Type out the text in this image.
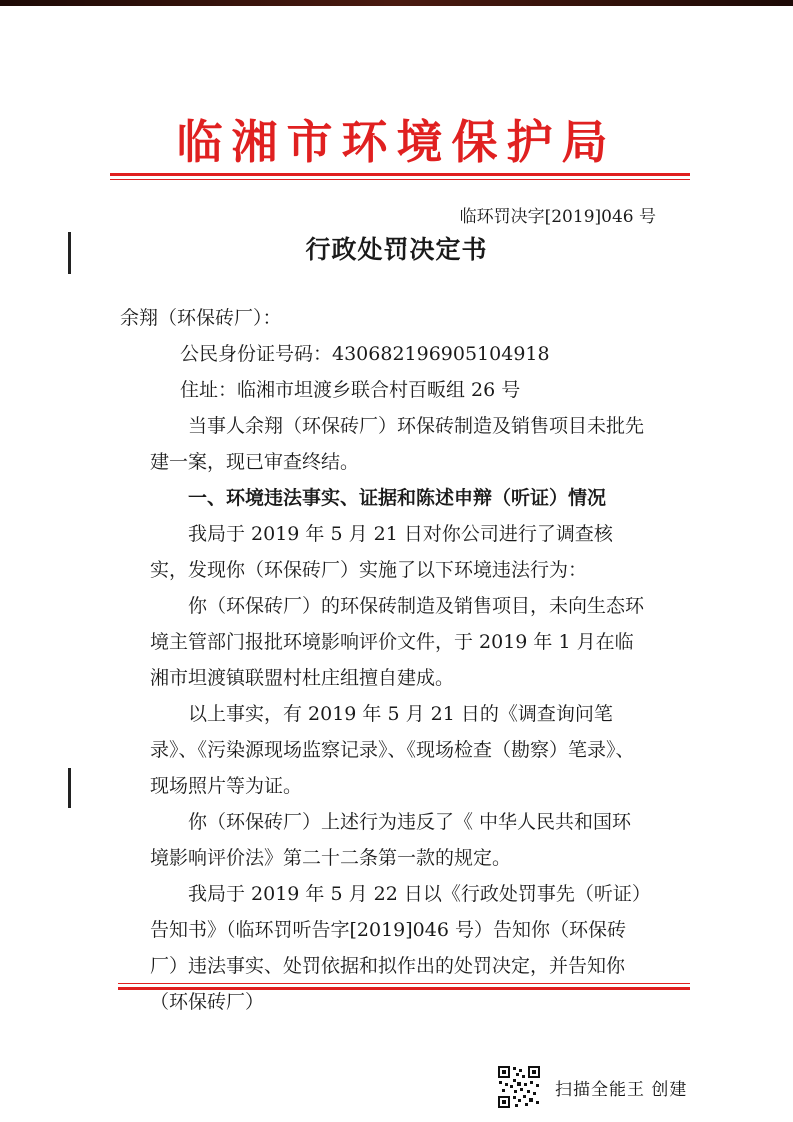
临湘市环境保护局
临环罚决字[2019]046 号
行政处罚决定书

余翔（环保砖厂）：

公民身份证号码：430682196905104918

住址：临湘市坦渡乡联合村百畈组 26 号

当事人余翔（环保砖厂）环保砖制造及销售项目未批先建一案，现已审查终结。

一、环境违法事实、证据和陈述申辩（听证）情况

我局于 2019 年 5 月 21 日对你公司进行了调查核实，发现你（环保砖厂）实施了以下环境违法行为：

你（环保砖厂）的环保砖制造及销售项目，未向生态环境主管部门报批环境影响评价文件，于 2019 年 1 月在临湘市坦渡镇联盟村杜庄组擅自建成。

以上事实，有 2019 年 5 月 21 日的《调查询问笔录》、《污染源现场监察记录》、《现场检查（勘察）笔录》、现场照片等为证。

你（环保砖厂）上述行为违反了《 中华人民共和国环境影响评价法》第二十二条第一款的规定。

我局于 2019 年 5 月 22 日以《行政处罚事先（听证）告知书》（临环罚听告字[2019]046 号）告知你（环保砖厂）违法事实、处罚依据和拟作出的处罚决定，并告知你（环保砖厂）

扫描全能王 创建
